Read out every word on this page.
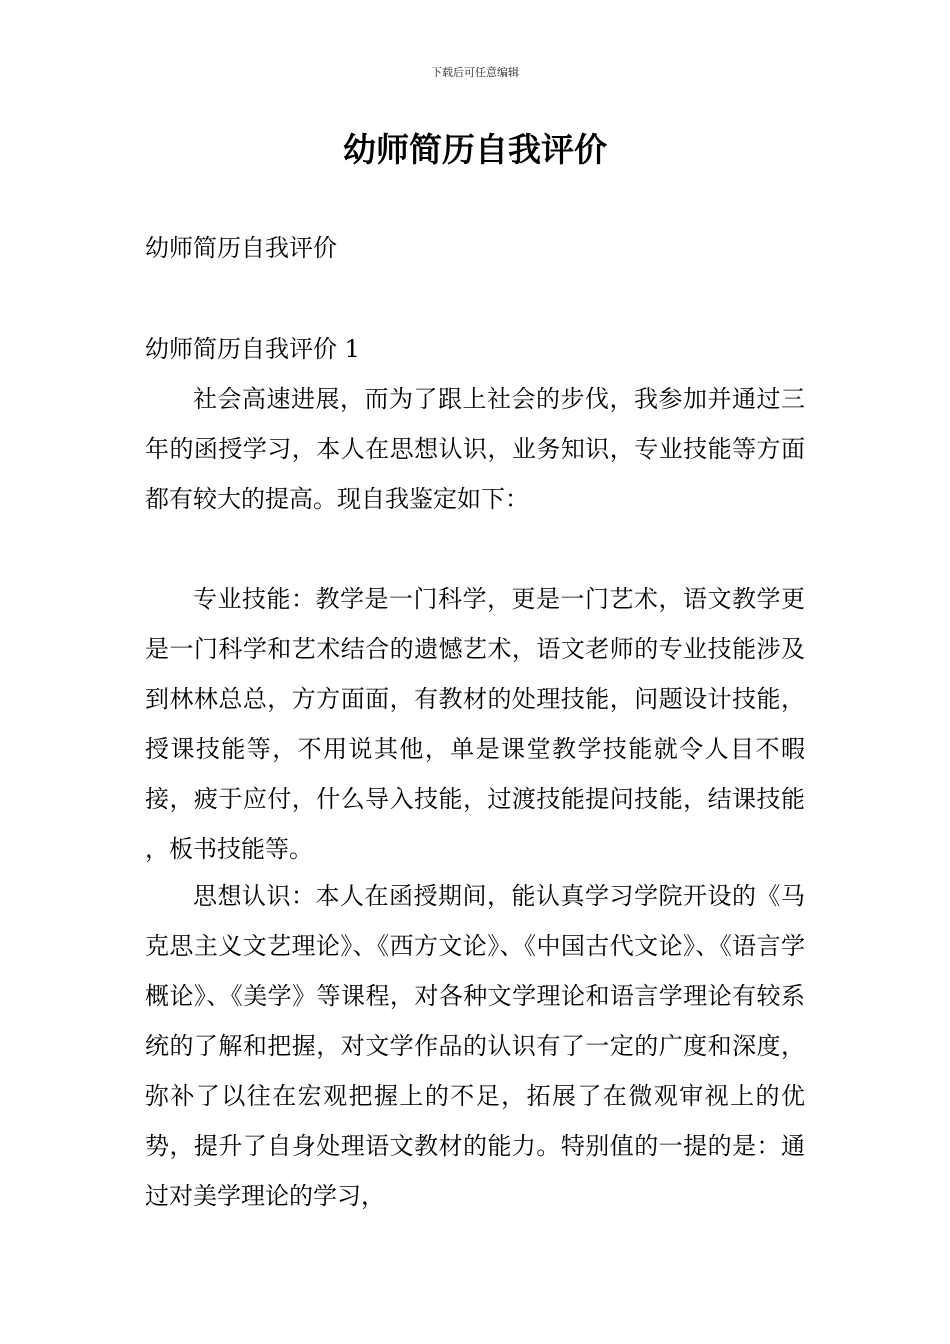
下载后可任意编辑
幼师简历自我评价

幼师简历自我评价

幼师简历自我评价 1

社会高速进展，而为了跟上社会的步伐，我参加并通过三年的函授学习，本人在思想认识，业务知识，专业技能等方面都有较大的提高。现自我鉴定如下：

专业技能：教学是一门科学，更是一门艺术，语文教学更是一门科学和艺术结合的遗憾艺术，语文老师的专业技能涉及到林林总总，方方面面，有教材的处理技能，问题设计技能，授课技能等，不用说其他，单是课堂教学技能就令人目不暇接，疲于应付，什么导入技能，过渡技能提问技能，结课技能 ，板书技能等。

思想认识：本人在函授期间，能认真学习学院开设的《马克思主义文艺理论》、《西方文论》、《中国古代文论》、《语言学概论》、《美学》等课程，对各种文学理论和语言学理论有较系统的了解和把握，对文学作品的认识有了一定的广度和深度，弥补了以往在宏观把握上的不足，拓展了在微观审视上的优势，提升了自身处理语文教材的能力。特别值的一提的是：通过对美学理论的学习，
